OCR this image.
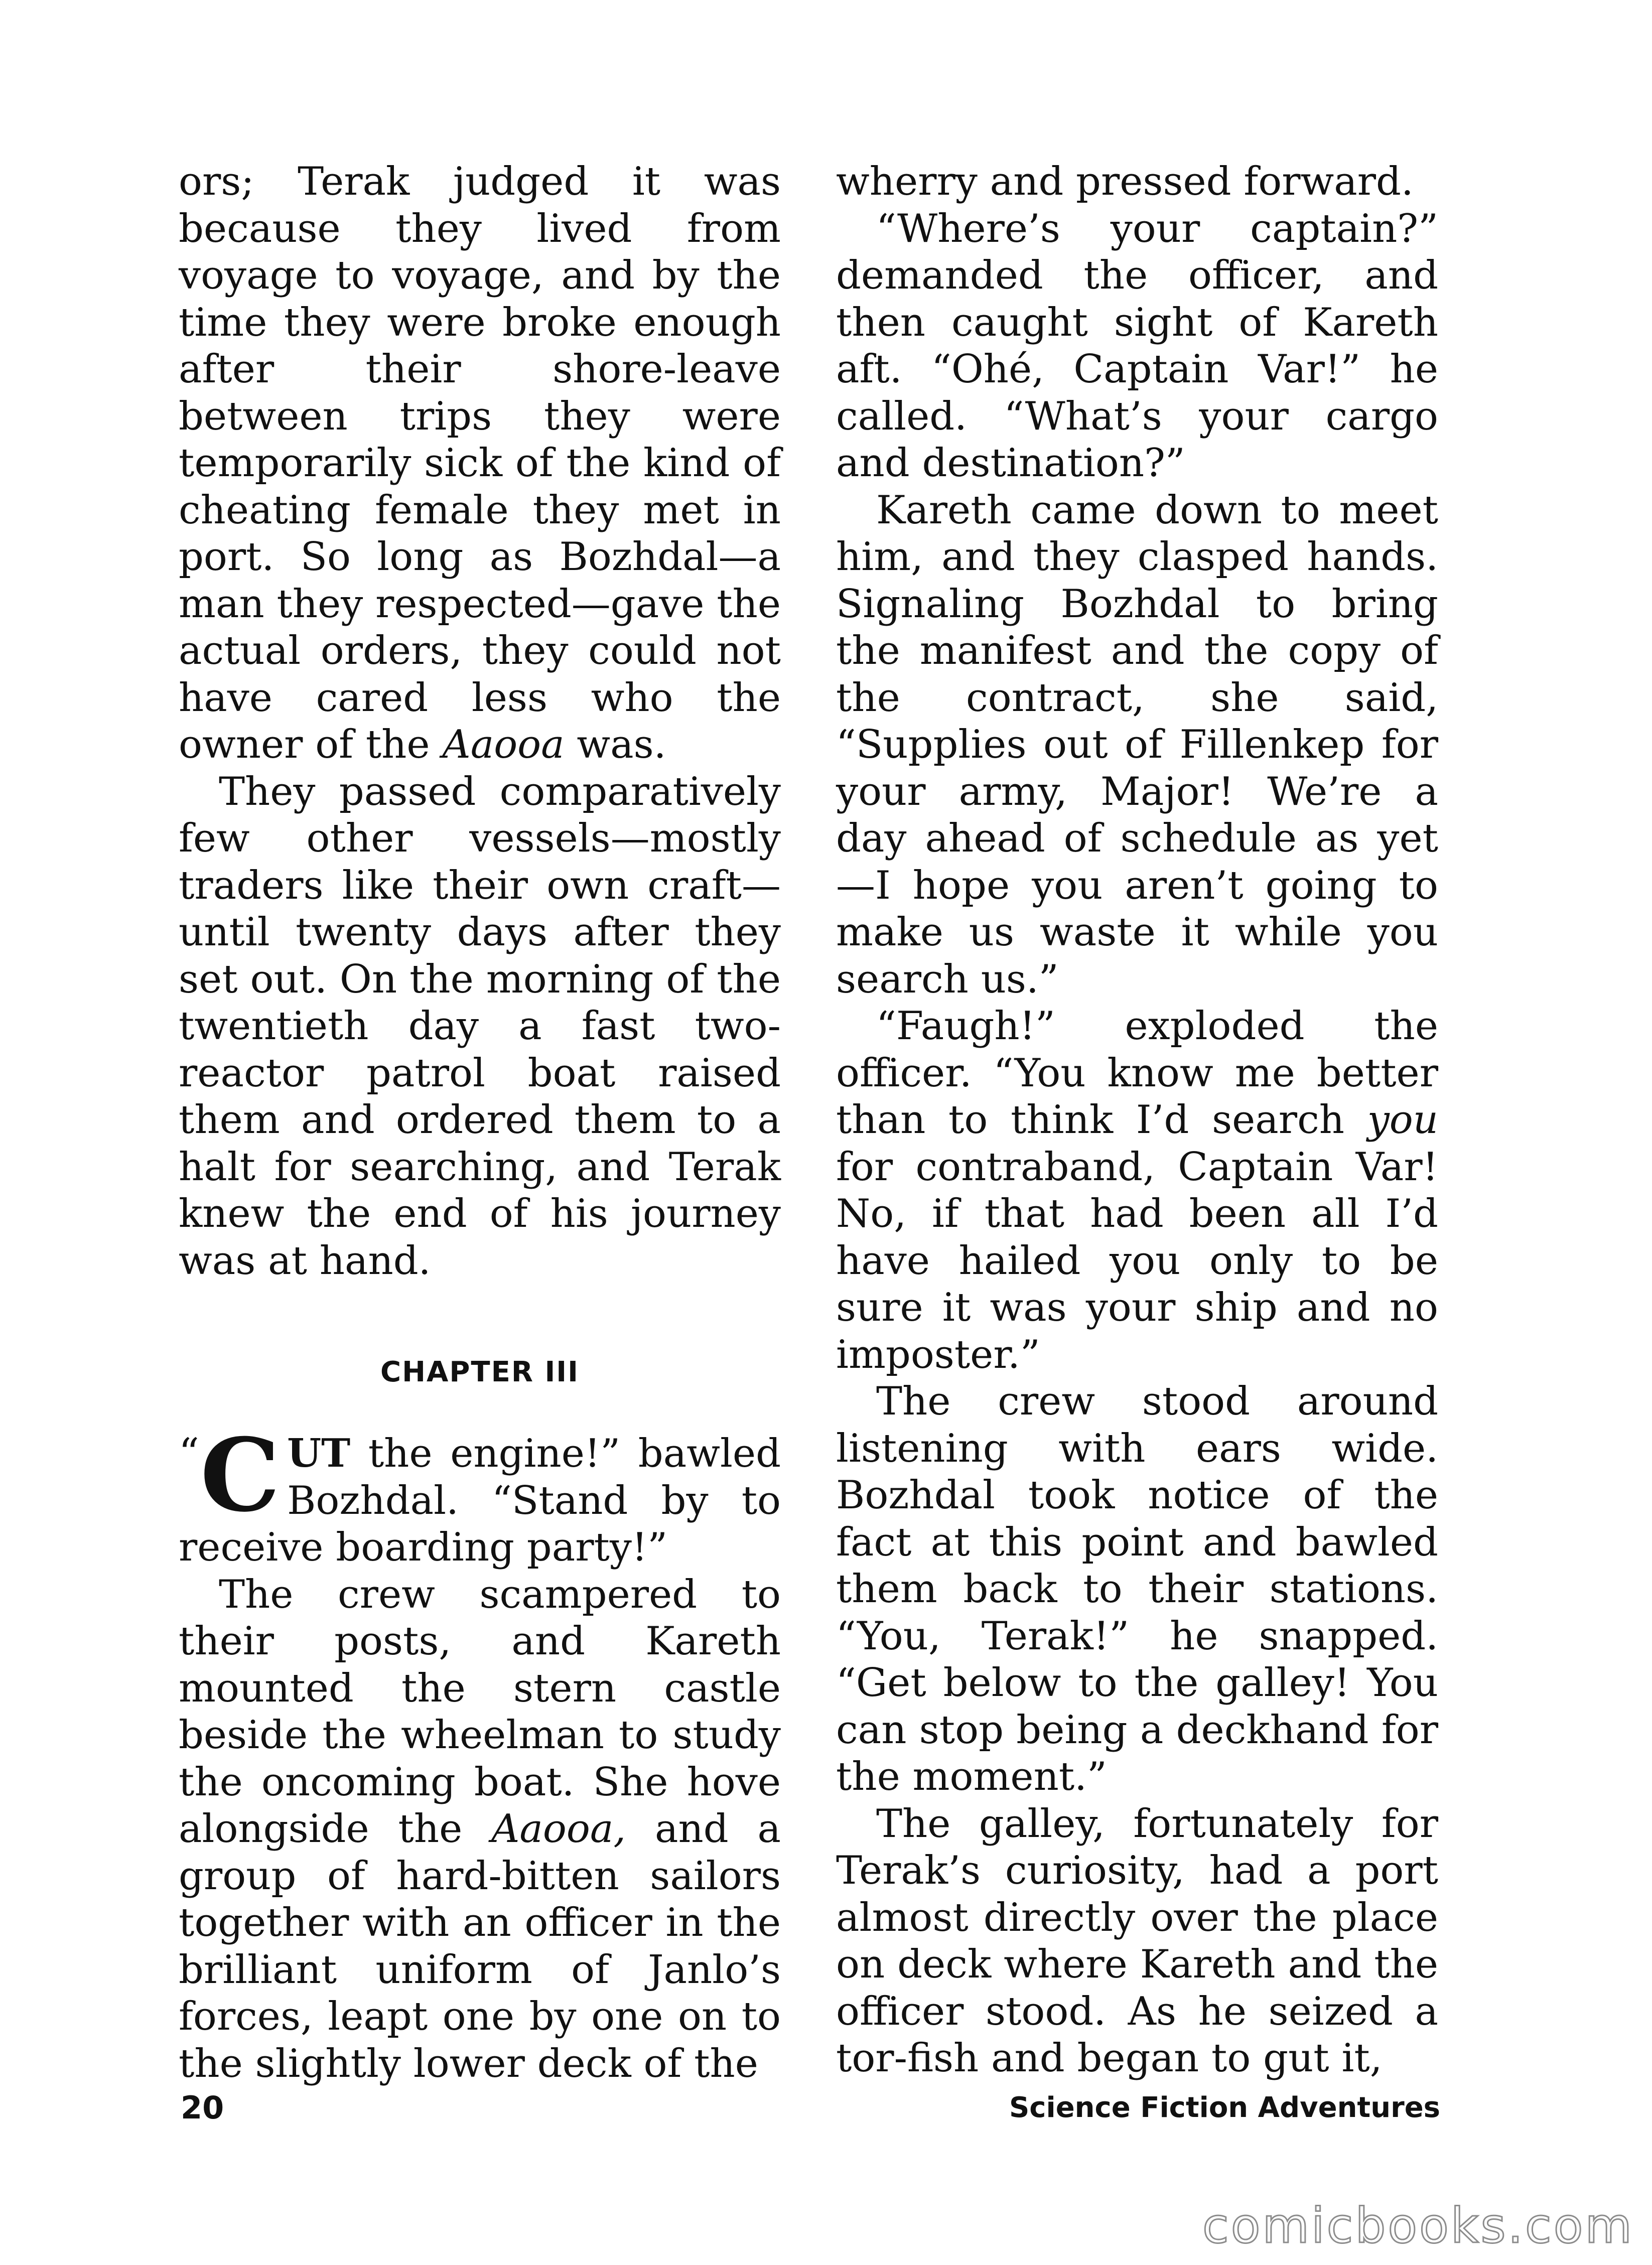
ors; Terak judged it was because they lived from voyage to voyage, and by the time they were broke enough after their shore-leave between trips they were temporarily sick of the kind of cheating female they met in port. So long as Bozhdal—a man they respected—gave the actual orders, they could not have cared less who the owner of the Aaooa was.

They passed comparatively few other vessels—mostly traders like their own craft—until twenty days after they set out. On the morning of the twentieth day a fast two-reactor patrol boat raised them and ordered them to a halt for searching, and Terak knew the end of his journey was at hand.

CHAPTER III

“ C UT the engine!” bawled Bozhdal. “Stand by to receive boarding party!”

The crew scampered to their posts, and Kareth mounted the stern castle beside the wheelman to study the oncoming boat. She hove alongside the Aaooa, and a group of hard-bitten sailors together with an officer in the brilliant uniform of Janlo’s forces, leapt one by one on to the slightly lower deck of the

wherry and pressed forward.

“Where’s your captain?” demanded the officer, and then caught sight of Kareth aft. “Ohé, Captain Var!” he called. “What’s your cargo and destination?”

Kareth came down to meet him, and they clasped hands. Signaling Bozhdal to bring the manifest and the copy of the contract, she said, “Supplies out of Fillenkep for your army, Major! We’re a day ahead of schedule as yet —I hope you aren’t going to make us waste it while you search us.”

“Faugh!” exploded the officer. “You know me better than to think I’d search you for contraband, Captain Var! No, if that had been all I’d have hailed you only to be sure it was your ship and no imposter.”

The crew stood around listening with ears wide. Bozhdal took notice of the fact at this point and bawled them back to their stations. “You, Terak!” he snapped. “Get below to the galley! You can stop being a deckhand for the moment.”

The galley, fortunately for Terak’s curiosity, had a port almost directly over the place on deck where Kareth and the officer stood. As he seized a tor-fish and began to gut it,

20	Science Fiction Adventures
comicbooks.com
